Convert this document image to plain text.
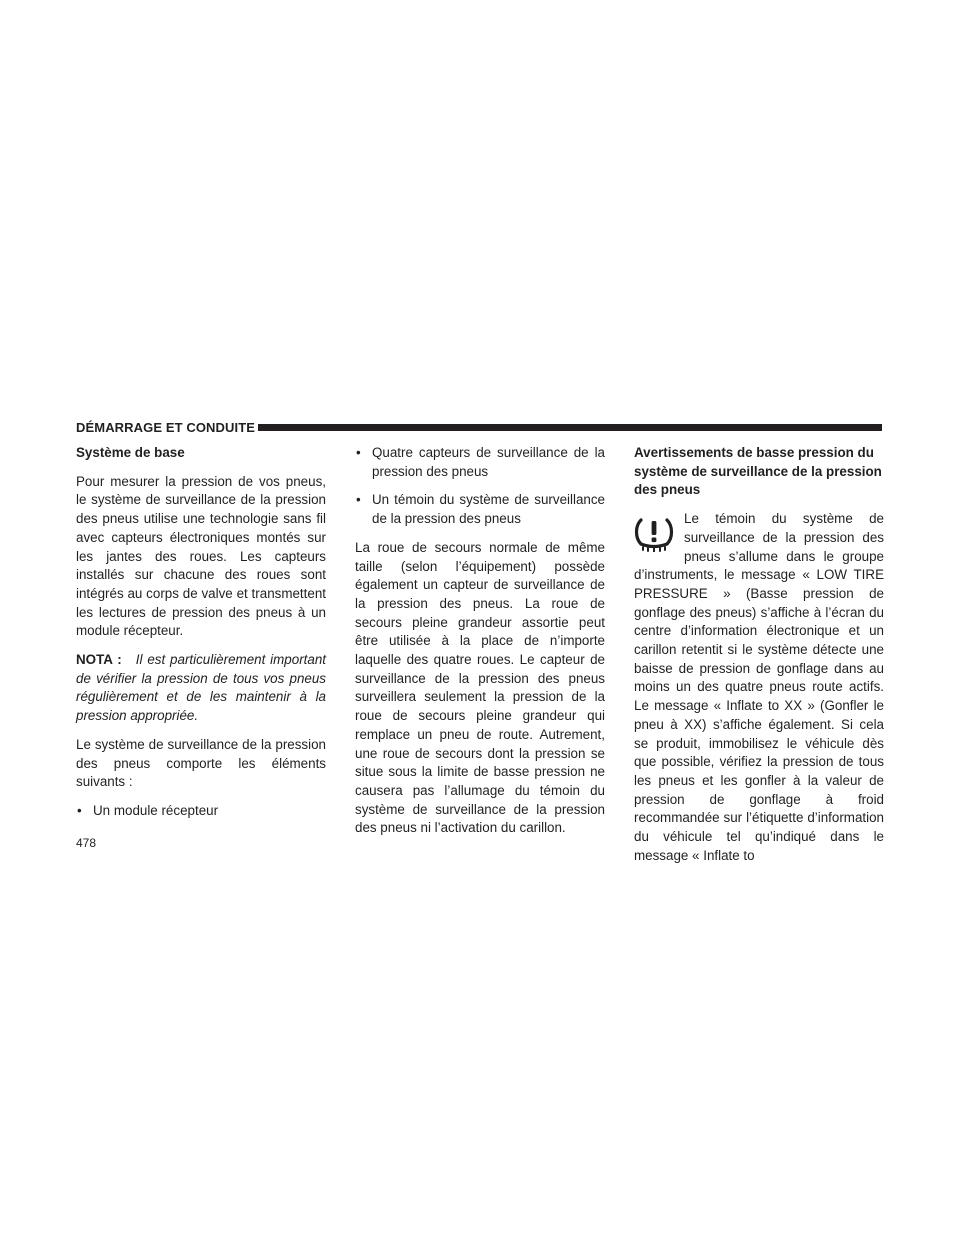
DÉMARRAGE ET CONDUITE
Système de base

Pour mesurer la pression de vos pneus, le système de surveillance de la pression des pneus utilise une technologie sans fil avec capteurs électroniques montés sur les jantes des roues. Les capteurs installés sur chacune des roues sont intégrés au corps de valve et transmettent les lectures de pression des pneus à un module récepteur.

NOTA : Il est particulièrement important de vérifier la pression de tous vos pneus régulièrement et de les maintenir à la pression appropriée.

Le système de surveillance de la pression des pneus comporte les éléments suivants :

• Un module récepteur
• Quatre capteurs de surveillance de la pression des pneus
• Un témoin du système de surveillance de la pression des pneus

La roue de secours normale de même taille (selon l’équipement) possède également un capteur de surveillance de la pression des pneus. La roue de secours pleine grandeur assortie peut être utilisée à la place de n’importe laquelle des quatre roues. Le capteur de surveillance de la pression des pneus surveillera seulement la pression de la roue de secours pleine grandeur qui remplace un pneu de route. Autrement, une roue de secours dont la pression se situe sous la limite de basse pression ne causera pas l’allumage du témoin du système de surveillance de la pression des pneus ni l’activation du carillon.

Avertissements de basse pression du système de surveillance de la pression des pneus

Le témoin du système de surveillance de la pression des pneus s’allume dans le groupe d’instruments, le message « LOW TIRE PRESSURE » (Basse pression de gonflage des pneus) s’affiche à l’écran du centre d’information électronique et un carillon retentit si le système détecte une baisse de pression de gonflage dans au moins un des quatre pneus route actifs. Le message « Inflate to XX » (Gonfler le pneu à XX) s’affiche également. Si cela se produit, immobilisez le véhicule dès que possible, vérifiez la pression de tous les pneus et les gonfler à la valeur de pression de gonflage à froid recommandée sur l’étiquette d’information du véhicule tel qu’indiqué dans le message « Inflate to

478
